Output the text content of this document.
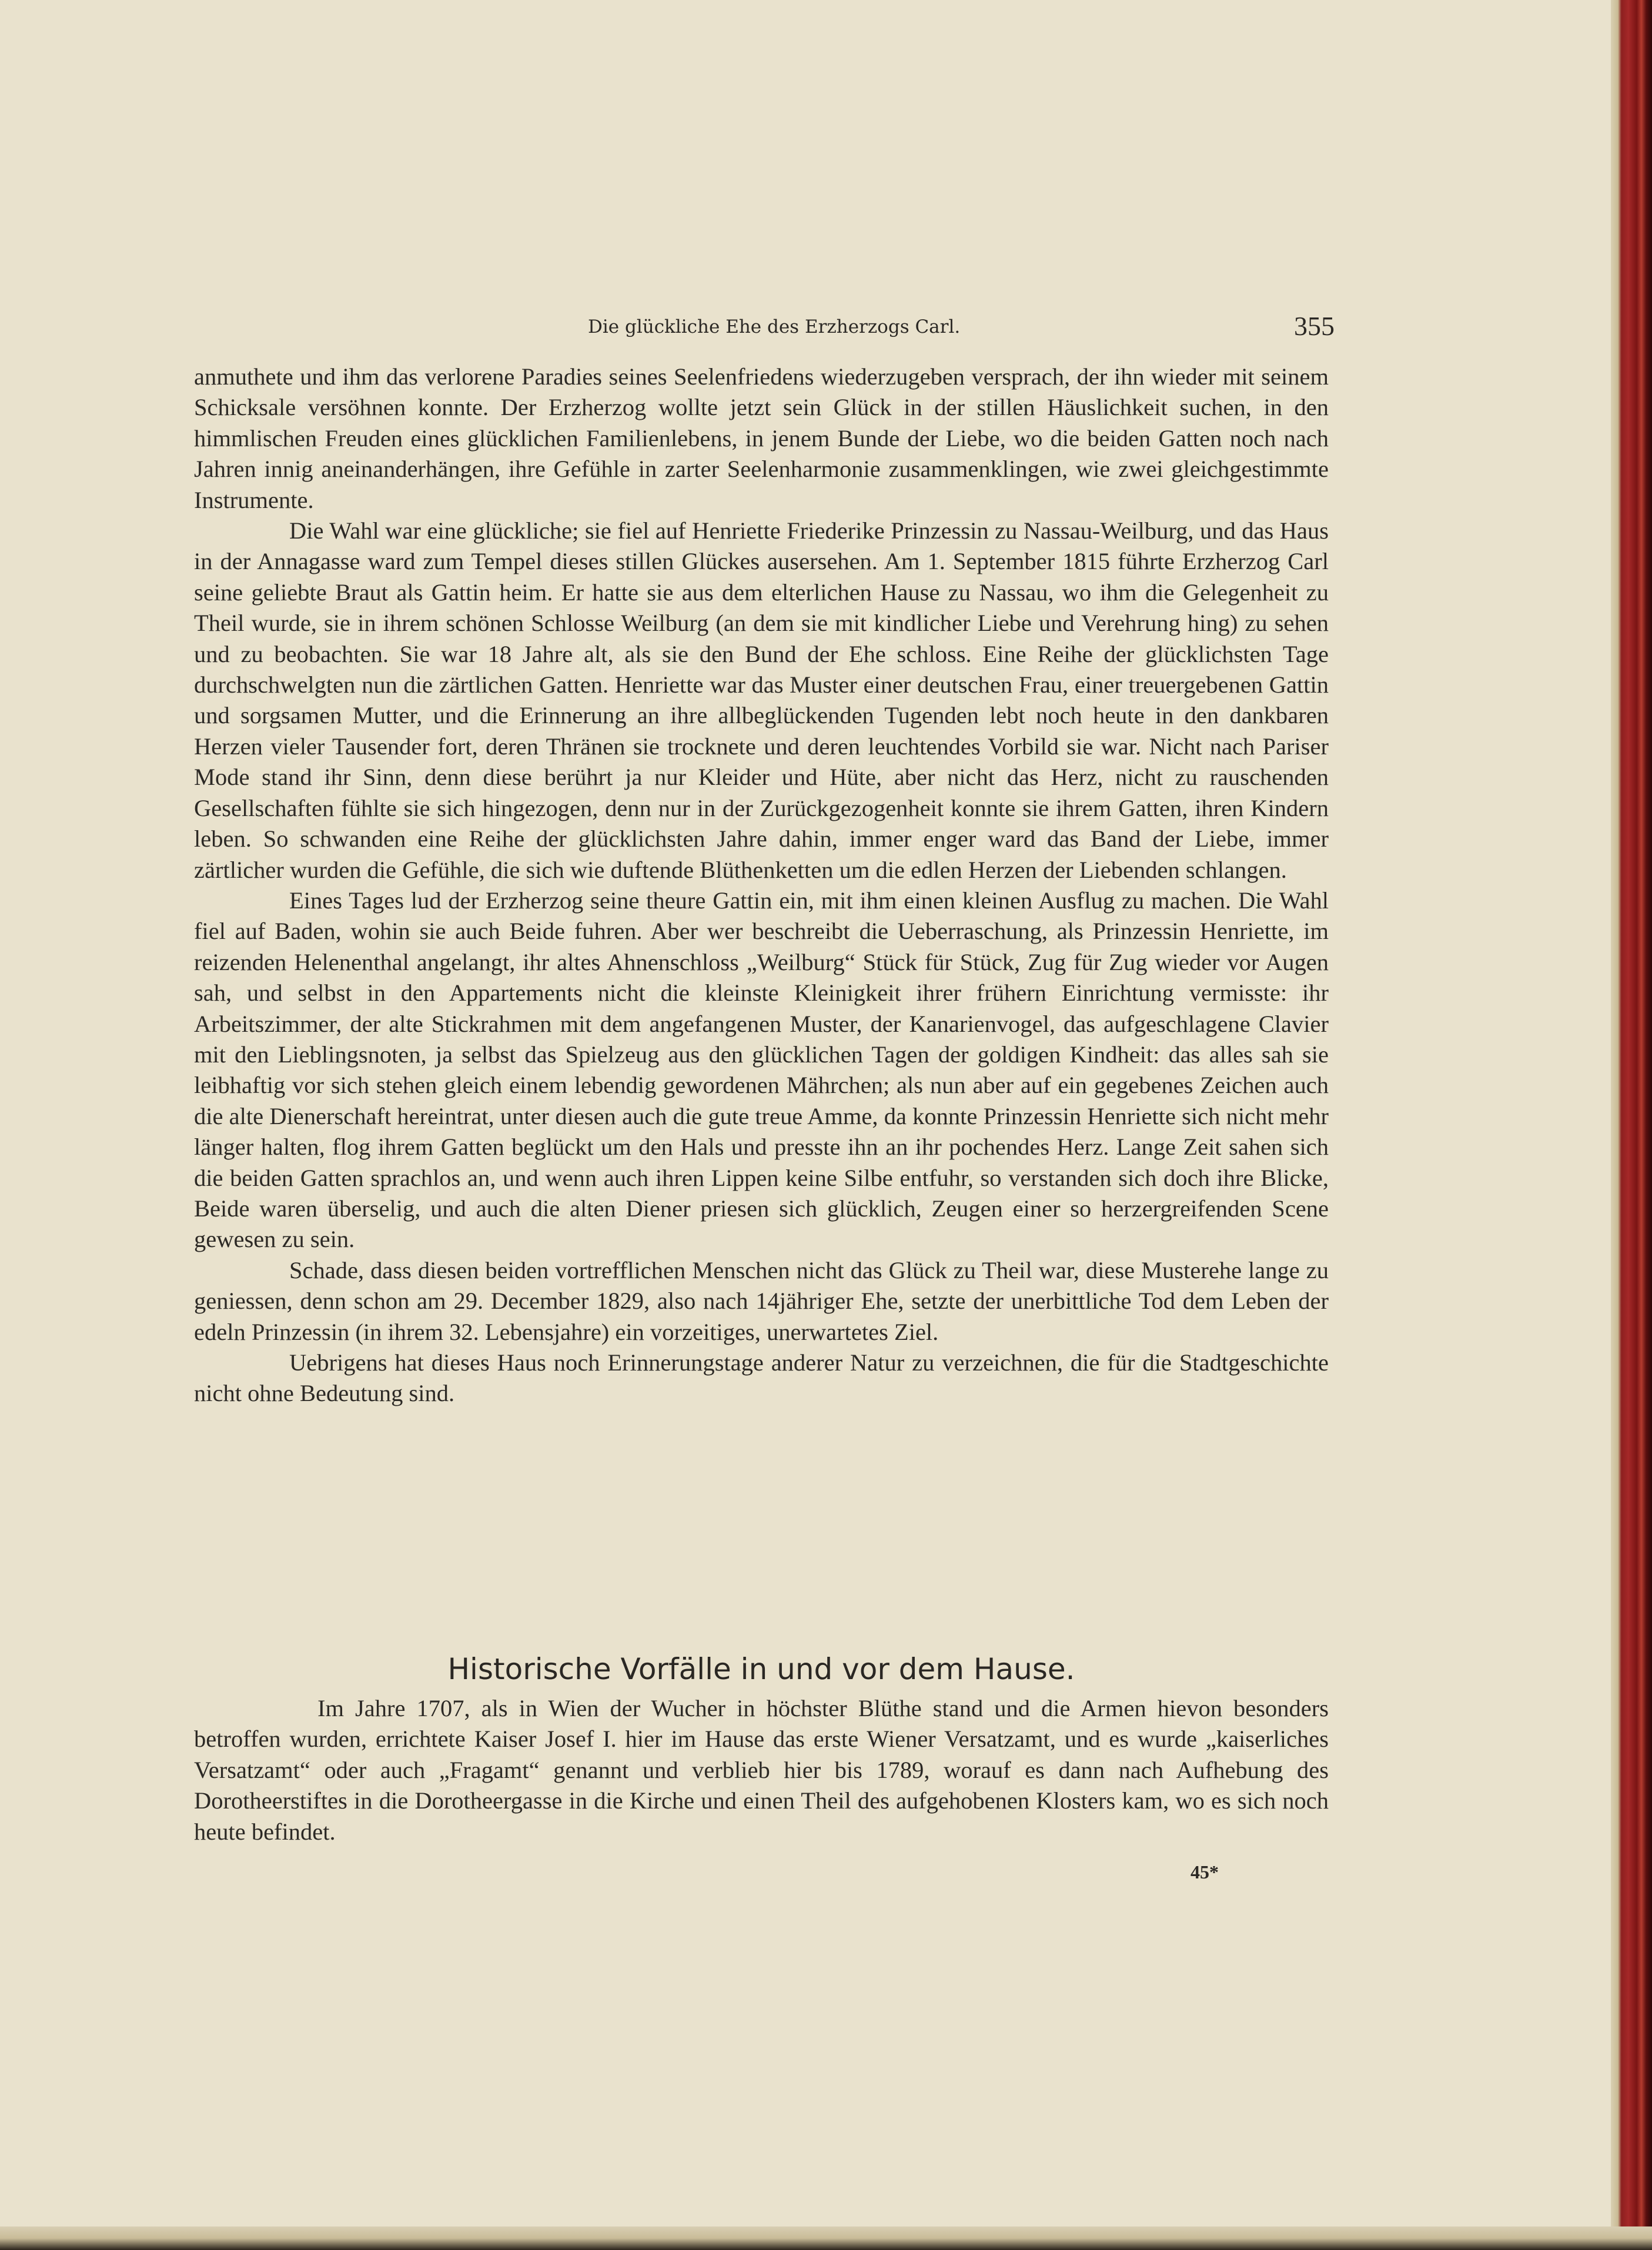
Die glückliche Ehe des Erzherzogs Carl.	355

anmuthete und ihm das verlorene Paradies seines Seelenfriedens wiederzugeben versprach, der ihn wieder mit seinem Schicksale versöhnen konnte. Der Erzherzog wollte jetzt sein Glück in der stillen Häuslichkeit suchen, in den himmlischen Freuden eines glücklichen Familienlebens, in jenem Bunde der Liebe, wo die beiden Gatten noch nach Jahren innig aneinanderhängen, ihre Gefühle in zarter Seelenharmonie zusammenklingen, wie zwei gleichgestimmte Instrumente.

Die Wahl war eine glückliche; sie fiel auf Henriette Friederike Prinzessin zu Nassau-Weilburg, und das Haus in der Annagasse ward zum Tempel dieses stillen Glückes ausersehen. Am 1. September 1815 führte Erzherzog Carl seine geliebte Braut als Gattin heim. Er hatte sie aus dem elterlichen Hause zu Nassau, wo ihm die Gelegenheit zu Theil wurde, sie in ihrem schönen Schlosse Weilburg (an dem sie mit kindlicher Liebe und Verehrung hing) zu sehen und zu beobachten. Sie war 18 Jahre alt, als sie den Bund der Ehe schloss. Eine Reihe der glücklichsten Tage durchschwelgten nun die zärtlichen Gatten. Henriette war das Muster einer deutschen Frau, einer treuergebenen Gattin und sorgsamen Mutter, und die Erinnerung an ihre allbeglückenden Tugenden lebt noch heute in den dankbaren Herzen vieler Tausender fort, deren Thränen sie trocknete und deren leuchtendes Vorbild sie war. Nicht nach Pariser Mode stand ihr Sinn, denn diese berührt ja nur Kleider und Hüte, aber nicht das Herz, nicht zu rauschenden Gesellschaften fühlte sie sich hingezogen, denn nur in der Zurückgezogenheit konnte sie ihrem Gatten, ihren Kindern leben. So schwanden eine Reihe der glücklichsten Jahre dahin, immer enger ward das Band der Liebe, immer zärtlicher wurden die Gefühle, die sich wie duftende Blüthenketten um die edlen Herzen der Liebenden schlangen.

Eines Tages lud der Erzherzog seine theure Gattin ein, mit ihm einen kleinen Ausflug zu machen. Die Wahl fiel auf Baden, wohin sie auch Beide fuhren. Aber wer beschreibt die Ueberraschung, als Prinzessin Henriette, im reizenden Helenenthal angelangt, ihr altes Ahnenschloss „Weilburg“ Stück für Stück, Zug für Zug wieder vor Augen sah, und selbst in den Appartements nicht die kleinste Kleinigkeit ihrer frühern Einrichtung vermisste: ihr Arbeitszimmer, der alte Stickrahmen mit dem angefangenen Muster, der Kanarienvogel, das aufgeschlagene Clavier mit den Lieblingsnoten, ja selbst das Spielzeug aus den glücklichen Tagen der goldigen Kindheit: das alles sah sie leibhaftig vor sich stehen gleich einem lebendig gewordenen Mährchen; als nun aber auf ein gegebenes Zeichen auch die alte Dienerschaft hereintrat, unter diesen auch die gute treue Amme, da konnte Prinzessin Henriette sich nicht mehr länger halten, flog ihrem Gatten beglückt um den Hals und presste ihn an ihr pochendes Herz. Lange Zeit sahen sich die beiden Gatten sprachlos an, und wenn auch ihren Lippen keine Silbe entfuhr, so verstanden sich doch ihre Blicke, Beide waren überselig, und auch die alten Diener priesen sich glücklich, Zeugen einer so herzergreifenden Scene gewesen zu sein.

Schade, dass diesen beiden vortrefflichen Menschen nicht das Glück zu Theil war, diese Musterehe lange zu geniessen, denn schon am 29. December 1829, also nach 14jähriger Ehe, setzte der unerbittliche Tod dem Leben der edeln Prinzessin (in ihrem 32. Lebensjahre) ein vorzeitiges, unerwartetes Ziel.

Uebrigens hat dieses Haus noch Erinnerungstage anderer Natur zu verzeichnen, die für die Stadtgeschichte nicht ohne Bedeutung sind.

Historische Vorfälle in und vor dem Hause.

Im Jahre 1707, als in Wien der Wucher in höchster Blüthe stand und die Armen hievon besonders betroffen wurden, errichtete Kaiser Josef I. hier im Hause das erste Wiener Versatzamt, und es wurde „kaiserliches Versatzamt“ oder auch „Fragamt“ genannt und verblieb hier bis 1789, worauf es dann nach Aufhebung des Dorotheerstiftes in die Dorotheergasse in die Kirche und einen Theil des aufgehobenen Klosters kam, wo es sich noch heute befindet.

45*
